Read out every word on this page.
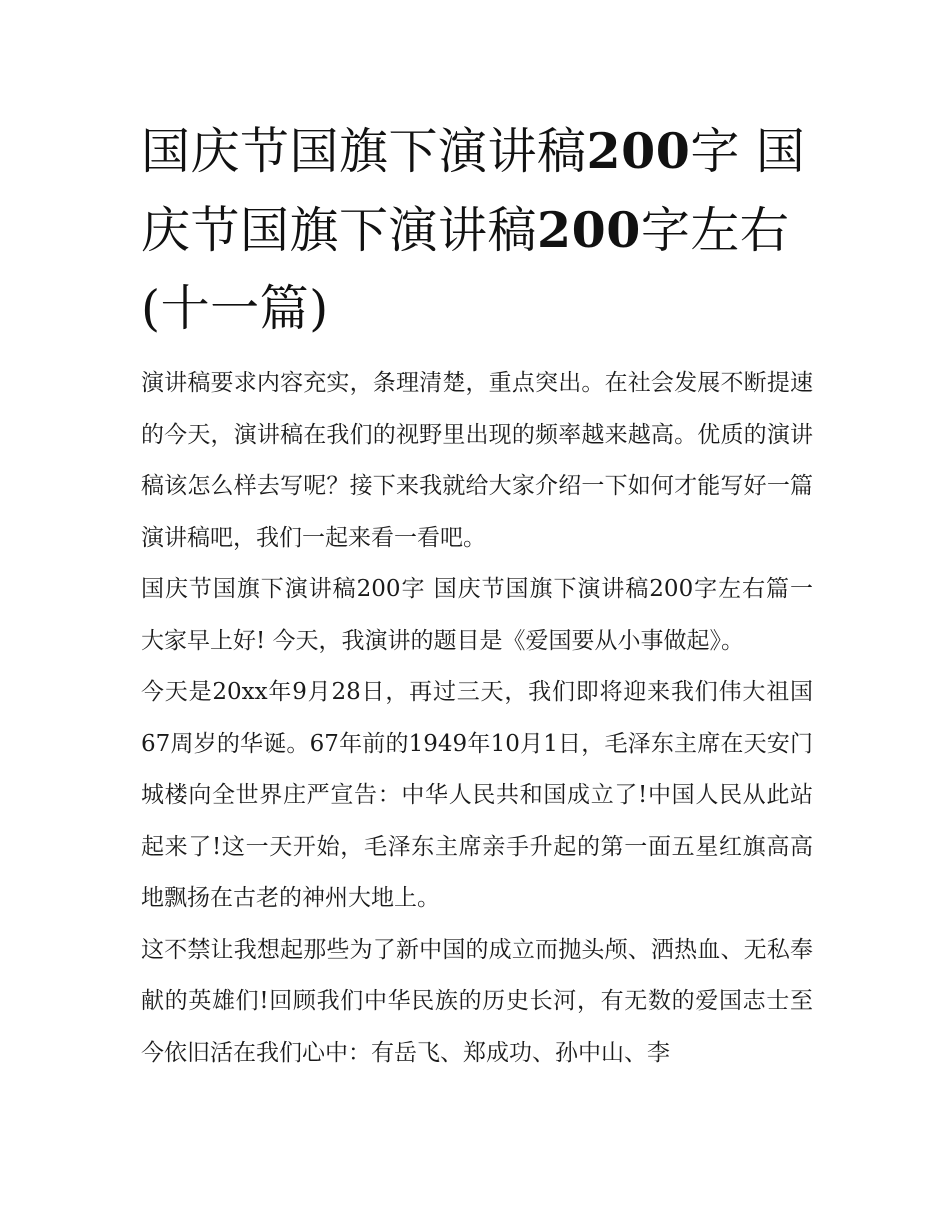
国庆节国旗下演讲稿200字 国庆节国旗下演讲稿200字左右(十一篇)

演讲稿要求内容充实，条理清楚，重点突出。在社会发展不断提速的今天，演讲稿在我们的视野里出现的频率越来越高。优质的演讲稿该怎么样去写呢？接下来我就给大家介绍一下如何才能写好一篇演讲稿吧，我们一起来看一看吧。

国庆节国旗下演讲稿200字 国庆节国旗下演讲稿200字左右篇一 大家早上好! 今天，我演讲的题目是《爱国要从小事做起》。

今天是20xx年9月28日，再过三天，我们即将迎来我们伟大祖国67周岁的华诞。67年前的1949年10月1日，毛泽东主席在天安门城楼向全世界庄严宣告：中华人民共和国成立了!中国人民从此站起来了!这一天开始，毛泽东主席亲手升起的第一面五星红旗高高地飘扬在古老的神州大地上。

这不禁让我想起那些为了新中国的成立而抛头颅、洒热血、无私奉献的英雄们!回顾我们中华民族的历史长河，有无数的爱国志士至今依旧活在我们心中：有岳飞、郑成功、孙中山、李
